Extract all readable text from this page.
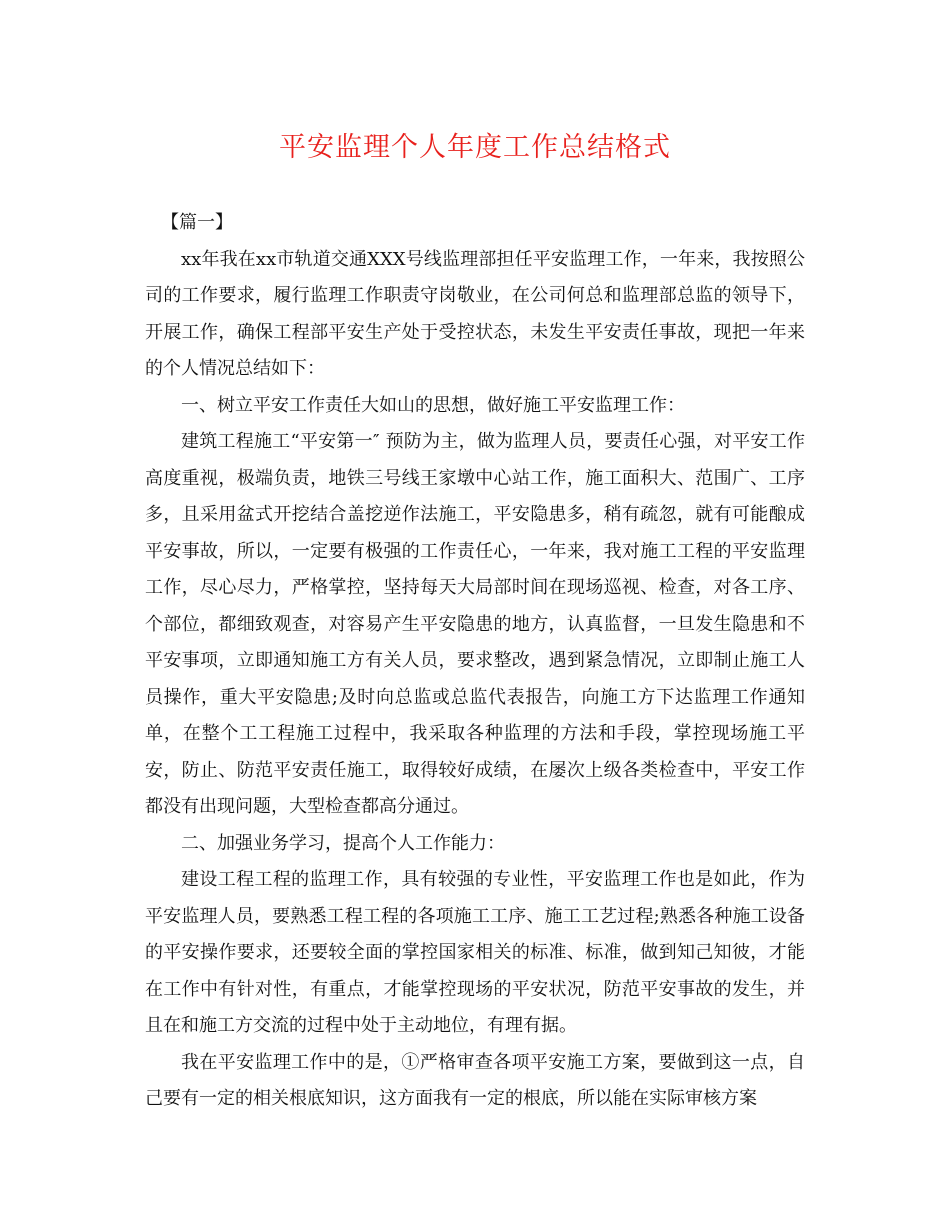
平安监理个人年度工作总结格式

【篇一】

xx年我在xx市轨道交通XXX号线监理部担任平安监理工作，一年来，我按照公司的工作要求，履行监理工作职责守岗敬业，在公司何总和监理部总监的领导下，开展工作，确保工程部平安生产处于受控状态，未发生平安责任事故，现把一年来的个人情况总结如下：

一、树立平安工作责任大如山的思想，做好施工平安监理工作：

建筑工程施工“平安第一″ 预防为主，做为监理人员，要责任心强，对平安工作高度重视，极端负责，地铁三号线王家墩中心站工作，施工面积大、范围广、工序多，且采用盆式开挖结合盖挖逆作法施工，平安隐患多，稍有疏忽，就有可能酿成平安事故，所以，一定要有极强的工作责任心，一年来，我对施工工程的平安监理工作，尽心尽力，严格掌控，坚持每天大局部时间在现场巡视、检查，对各工序、个部位，都细致观查，对容易产生平安隐患的地方，认真监督，一旦发生隐患和不平安事项，立即通知施工方有关人员，要求整改，遇到紧急情况，立即制止施工人员操作，重大平安隐患;及时向总监或总监代表报告，向施工方下达监理工作通知单，在整个工工程施工过程中，我采取各种监理的方法和手段，掌控现场施工平安，防止、防范平安责任施工，取得较好成绩，在屡次上级各类检查中，平安工作都没有出现问题，大型检查都高分通过。

二、加强业务学习，提高个人工作能力：

建设工程工程的监理工作，具有较强的专业性，平安监理工作也是如此，作为平安监理人员，要熟悉工程工程的各项施工工序、施工工艺过程;熟悉各种施工设备的平安操作要求，还要较全面的掌控国家相关的标准、标准，做到知己知彼，才能在工作中有针对性，有重点，才能掌控现场的平安状况，防范平安事故的发生，并且在和施工方交流的过程中处于主动地位，有理有据。

我在平安监理工作中的是，①严格审查各项平安施工方案，要做到这一点，自己要有一定的相关根底知识，这方面我有一定的根底，所以能在实际审核方案
